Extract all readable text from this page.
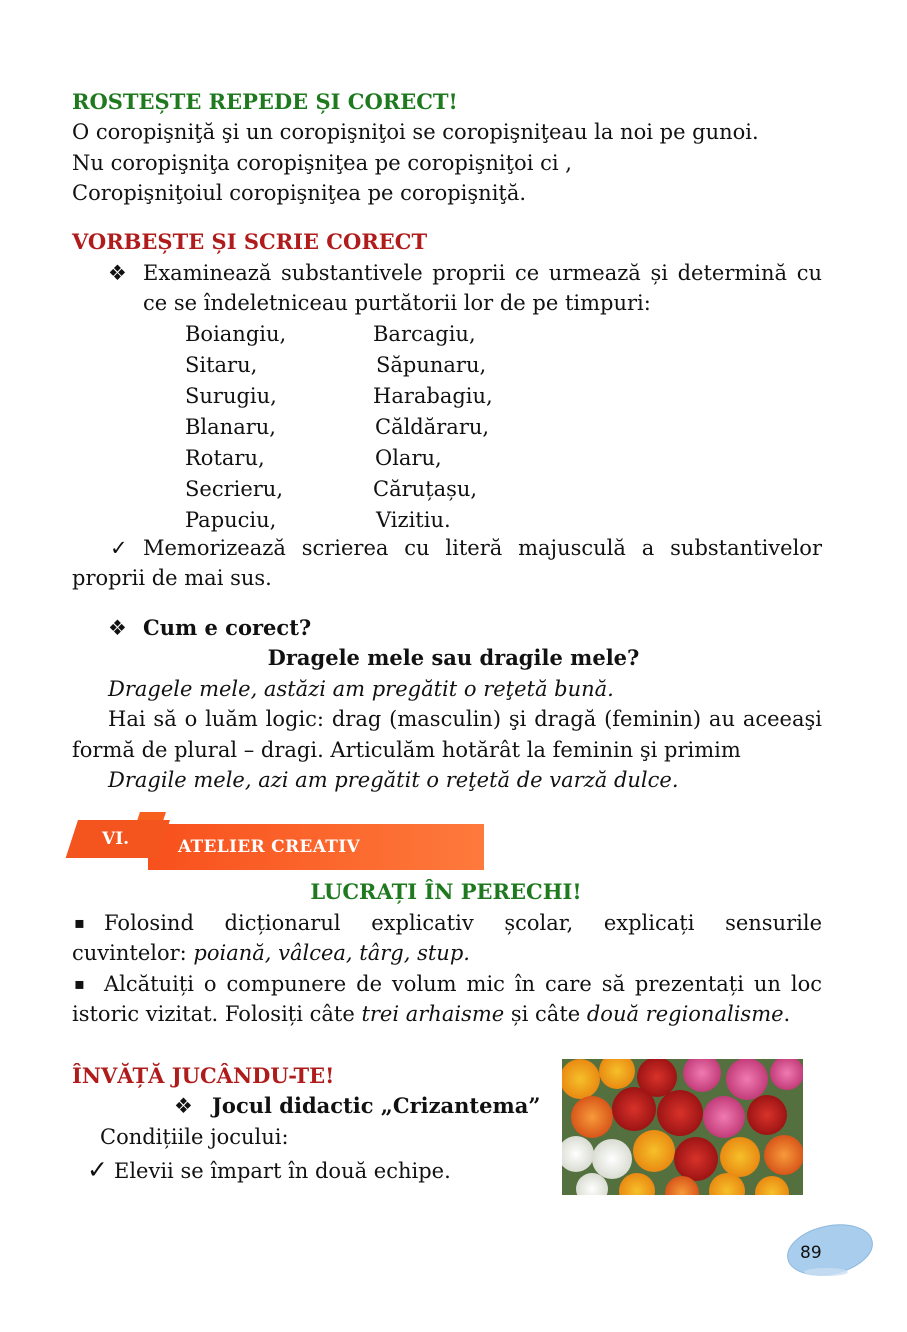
ROSTEȘTE REPEDE ȘI CORECT!
O coropişniţă şi un coropişniţoi se coropişniţeau la noi pe gunoi.
Nu coropişniţa coropişniţea pe coropişniţoi ci ,
Coropişniţoiul coropişniţea pe coropişniţă.
VORBEȘTE ȘI SCRIE CORECT
❖ Examinează substantivele proprii ce urmează și determină cu
ce se îndeletniceau purtătorii lor de pe timpuri:
Boiangiu,	Barcagiu,
Sitaru,	Săpunaru,
Surugiu,	Harabagiu,
Blanaru,	Căldăraru,
Rotaru,	Olaru,
Secrieru,	Căruțașu,
Papuciu,	Vizitiu.
✓ Memorizează scrierea cu literă majusculă a substantivelor
proprii de mai sus.
❖ Cum e corect?
Dragele mele sau dragile mele?
Dragele mele, astăzi am pregătit o reţetă bună.
Hai să o luăm logic: drag (masculin) şi dragă (feminin) au aceeaşi
formă de plural – dragi. Articulăm hotărât la feminin şi primim
Dragile mele, azi am pregătit o reţetă de varză dulce.
VI.	ATELIER CREATIV
LUCRAȚI ÎN PERECHI!
▪ Folosind dicționarul explicativ școlar, explicați sensurile
cuvintelor: poiană, vâlcea, târg, stup.
▪ Alcătuiți o compunere de volum mic în care să prezentați un loc
istoric vizitat. Folosiți câte trei arhaisme și câte două regionalisme.
ÎNVĂȚĂ JUCÂNDU-TE!
❖ Jocul didactic „Crizantema”
Condițiile jocului:
✓ Elevii se împart în două echipe.
89
